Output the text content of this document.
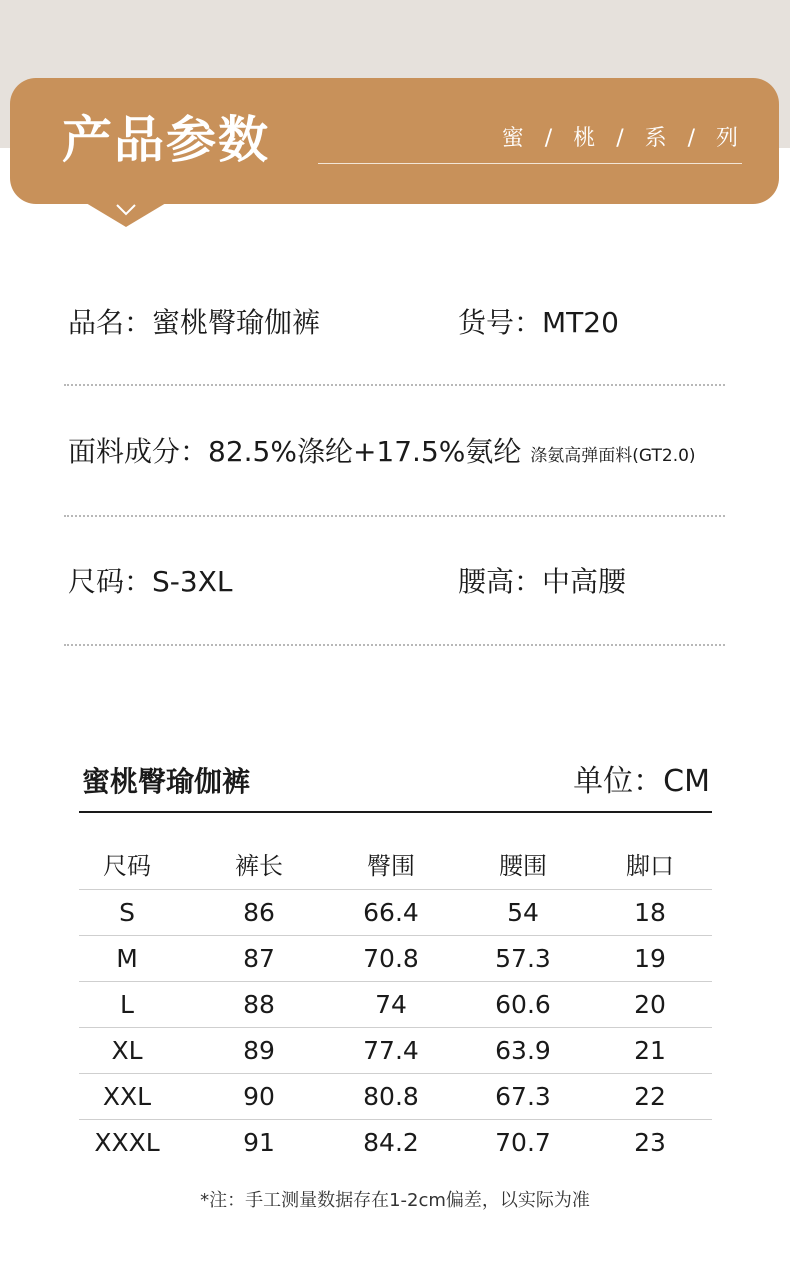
产品参数	蜜 / 桃 / 系 / 列
品名：蜜桃臀瑜伽裤	货号：MT20
面料成分：82.5%涤纶+17.5%氨纶 涤氨高弹面料(GT2.0)
尺码：S-3XL	腰高：中高腰
蜜桃臀瑜伽裤	单位：CM
尺码	裤长	臀围	腰围	脚口
S	86	66.4	54	18
M	87	70.8	57.3	19
L	88	74	60.6	20
XL	89	77.4	63.9	21
XXL	90	80.8	67.3	22
XXXL	91	84.2	70.7	23
*注：手工测量数据存在1-2cm偏差，以实际为准
